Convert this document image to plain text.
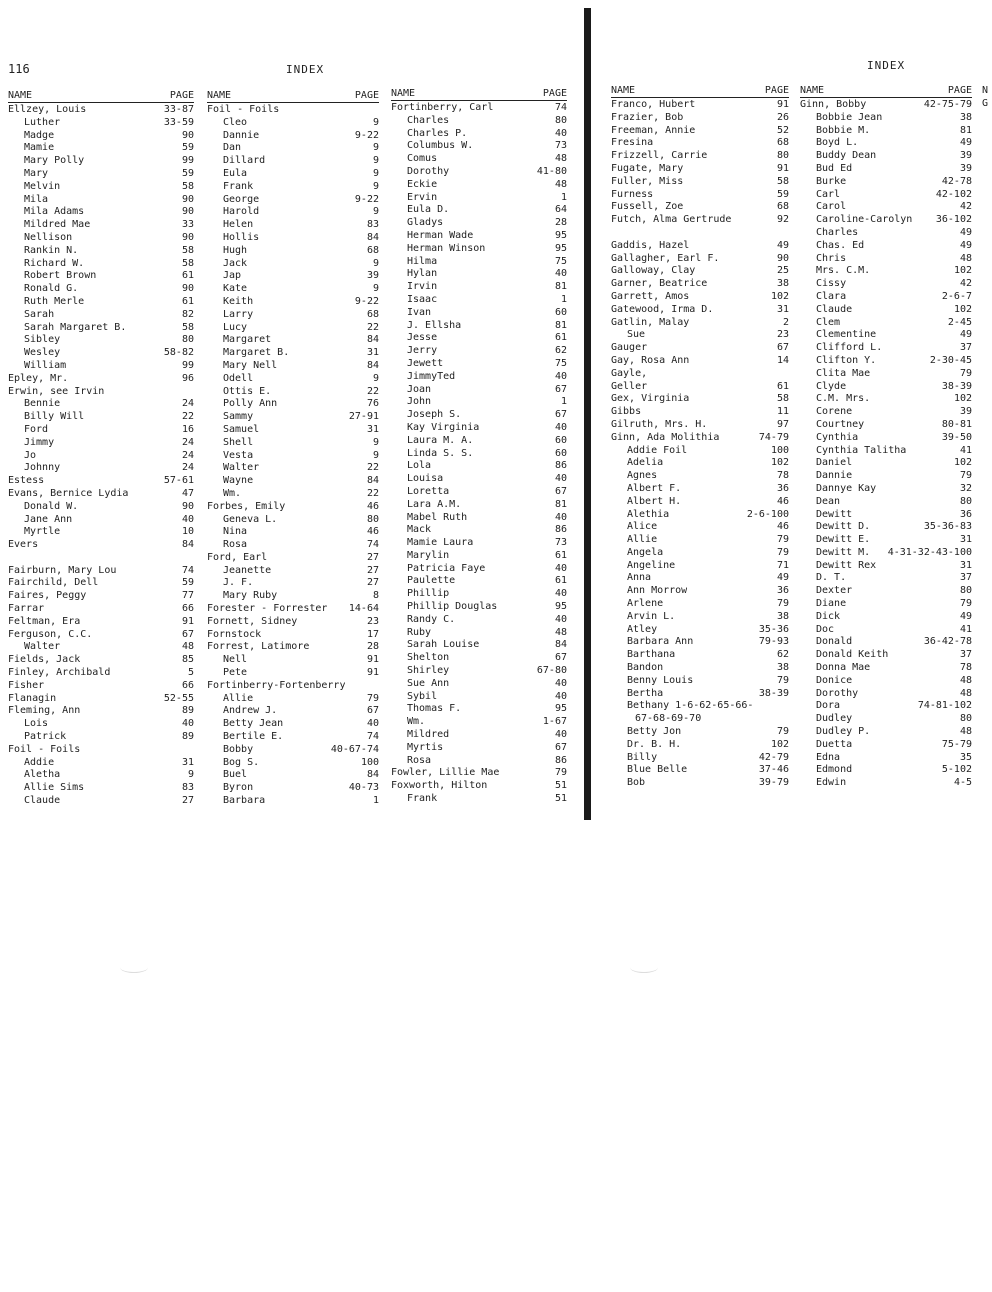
116	INDEX
NAME	PAGE
Ellzey, Louis	33-87
Luther	33-59
Madge	90
Mamie	59
Mary Polly	99
Mary	59
Melvin	58
Mila	90
Mila Adams	90
Mildred Mae	33
Nellison	90
Rankin N.	58
Richard W.	58
Robert Brown	61
Ronald G.	90
Ruth Merle	61
Sarah	82
Sarah Margaret B.	58
Sibley	80
Wesley	58-82
William	99
Epley, Mr.	96
Erwin, see Irvin
Bennie	24
Billy Will	22
Ford	16
Jimmy	24
Jo	24
Johnny	24
Estess	57-61
Evans, Bernice Lydia	47
Donald W.	90
Jane Ann	40
Myrtle	10
Evers	84
Fairburn, Mary Lou	74
Fairchild, Dell	59
Faires, Peggy	77
Farrar	66
Feltman, Era	91
Ferguson, C.C.	67
Walter	48
Fields, Jack	85
Finley, Archibald	5
Fisher	66
Flanagin	52-55
Fleming, Ann	89
Lois	40
Patrick	89
Foil - Foils
Addie	31
Aletha	9
Allie Sims	83
Claude	27
NAME	PAGE
Foil - Foils
Cleo	9
Dannie	9-22
Dan	9
Dillard	9
Eula	9
Frank	9
George	9-22
Harold	9
Helen	83
Hollis	84
Hugh	68
Jack	9
Jap	39
Kate	9
Keith	9-22
Larry	68
Lucy	22
Margaret	84
Margaret B.	31
Mary Nell	84
Odell	9
Ottis E.	22
Polly Ann	76
Sammy	27-91
Samuel	31
Shell	9
Vesta	9
Walter	22
Wayne	84
Wm.	22
Forbes, Emily	46
Geneva L.	80
Nina	46
Rosa	74
Ford, Earl	27
Jeanette	27
J. F.	27
Mary Ruby	8
Forester - Forrester	14-64
Fornett, Sidney	23
Fornstock	17
Forrest, Latimore	28
Nell	91
Pete	91
Fortinberry-Fortenberry
Allie	79
Andrew J.	67
Betty Jean	40
Bertile E.	74
Bobby	40-67-74
Bog S.	100
Buel	84
Byron	40-73
Barbara	1
NAME	PAGE
Fortinberry, Carl	74
Charles	80
Charles P.	40
Columbus W.	73
Comus	48
Dorothy	41-80
Eckie	48
Ervin	1
Eula D.	64
Gladys	28
Herman Wade	95
Herman Winson	95
Hilma	75
Hylan	40
Irvin	81
Isaac	1
Ivan	60
J. Ellsha	81
Jesse	61
Jerry	62
Jewett	75
JimmyTed	40
Joan	67
John	1
Joseph S.	67
Kay Virginia	40
Laura M. A.	60
Linda S. S.	60
Lola	86
Louisa	40
Loretta	67
Lara A.M.	81
Mabel Ruth	40
Mack	86
Mamie Laura	73
Marylin	61
Patricia Faye	40
Paulette	61
Phillip	40
Phillip Douglas	95
Randy C.	40
Ruby	48
Sarah Louise	84
Shelton	67
Shirley	67-80
Sue Ann	40
Sybil	40
Thomas F.	95
Wm.	1-67
Mildred	40
Myrtis	67
Rosa	86
Fowler, Lillie Mae	79
Foxworth, Hilton	51
Frank	51
INDEX
NAME	PAGE
Franco, Hubert	91
Frazier, Bob	26
Freeman, Annie	52
Fresina	68
Frizzell, Carrie	80
Fugate, Mary	91
Fuller, Miss	58
Furness	59
Fussell, Zoe	68
Futch, Alma Gertrude	92
Gaddis, Hazel	49
Gallagher, Earl F.	90
Galloway, Clay	25
Garner, Beatrice	38
Garrett, Amos	102
Gatewood, Irma D.	31
Gatlin, Malay	2
Sue	23
Gauger	67
Gay, Rosa Ann	14
Gayle,
Geller	61
Gex, Virginia	58
Gibbs	11
Gilruth, Mrs. H.	97
Ginn, Ada Molithia	74-79
Addie Foil	100
Adelia	102
Agnes	78
Albert F.	36
Albert H.	46
Alethia	2-6-100
Alice	46
Allie	79
Angela	79
Angeline	71
Anna	49
Ann Morrow	36
Arlene	79
Arvin L.	38
Atley	35-36
Barbara Ann	79-93
Barthana	62
Bandon	38
Benny Louis	79
Bertha	38-39
Bethany 1-6-62-65-66-
67-68-69-70
Betty Jon	79
Dr. B. H.	102
Billy	42-79
Blue Belle	37-46
Bob	39-79
NAME	PAGE
Ginn, Bobby	42-75-79
Bobbie Jean	38
Bobbie M.	81
Boyd L.	49
Buddy Dean	39
Bud Ed	39
Burke	42-78
Carl	42-102
Carol	42
Caroline-Carolyn	36-102
Charles	49
Chas. Ed	49
Chris	48
Mrs. C.M.	102
Cissy	42
Clara	2-6-7
Claude	102
Clem	2-45
Clementine	49
Clifford L.	37
Clifton Y.	2-30-45
Clita Mae	79
Clyde	38-39
C.M. Mrs.	102
Corene	39
Courtney	80-81
Cynthia	39-50
Cynthia Talitha	41
Daniel	102
Dannie	79
Dannye Kay	32
Dean	80
Dewitt	36
Dewitt D.	35-36-83
Dewitt E.	31
Dewitt M.	4-31-32-43-100
Dewitt Rex	31
D. T.	37
Dexter	80
Diane	79
Dick	49
Doc	41
Donald	36-42-78
Donald Keith	37
Donna Mae	78
Donice	48
Dorothy	48
Dora	74-81-102
Dudley	80
Dudley P.	48
Duetta	75-79
Edna	35
Edmond	5-102
Edwin	4-5
N
G
